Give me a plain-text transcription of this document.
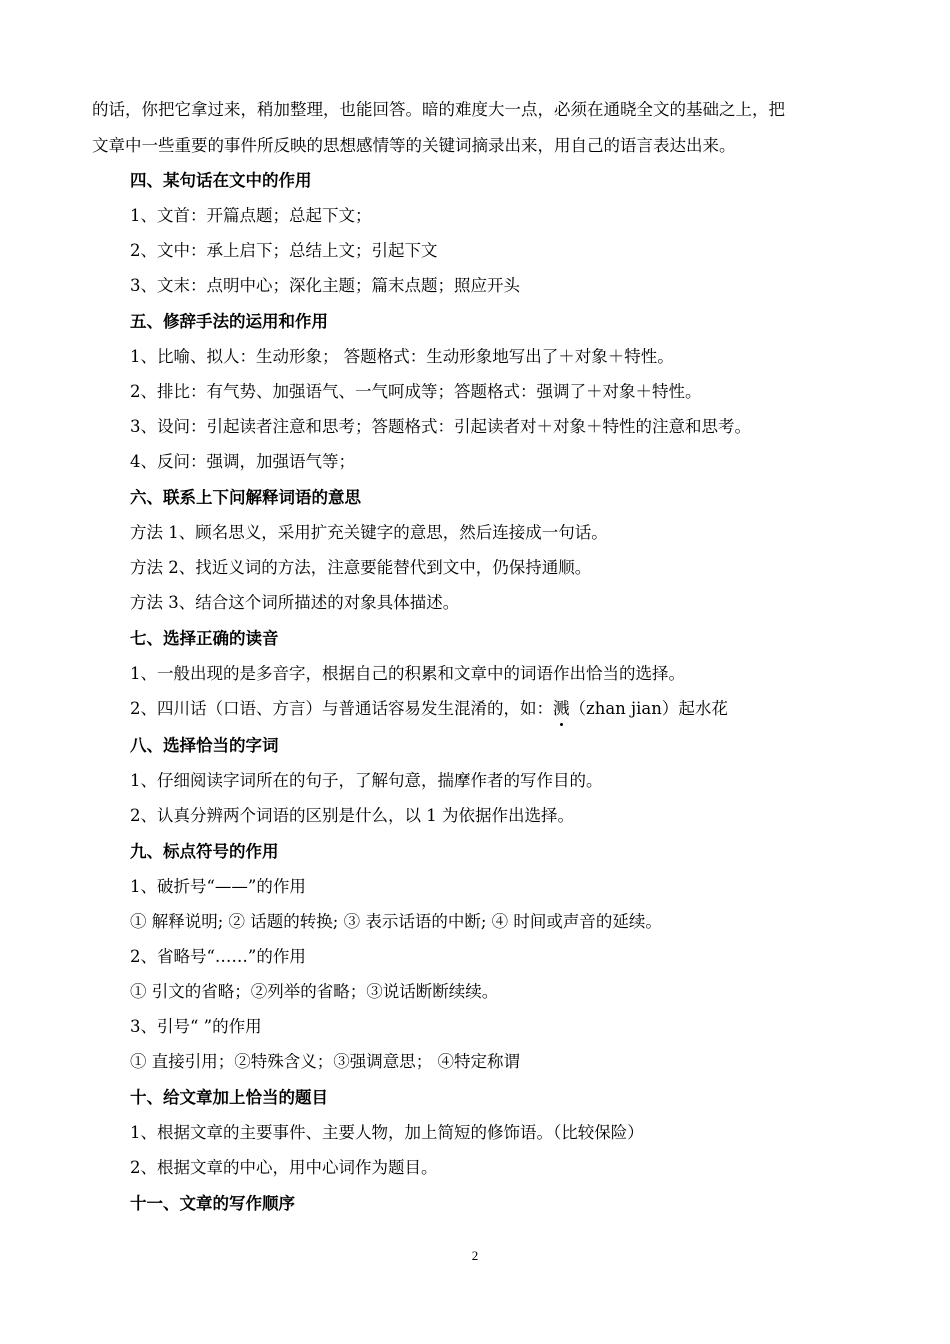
的话，你把它拿过来，稍加整理，也能回答。暗的难度大一点，必须在通晓全文的基础之上，把
文章中一些重要的事件所反映的思想感情等的关键词摘录出来，用自己的语言表达出来。
四、某句话在文中的作用
1、文首：开篇点题；总起下文；
2、文中：承上启下；总结上文；引起下文
3、文末：点明中心；深化主题；篇末点题；照应开头
五、修辞手法的运用和作用
1、比喻、拟人：生动形象； 答题格式：生动形象地写出了＋对象＋特性。
2、排比：有气势、加强语气、一气呵成等；答题格式：强调了＋对象＋特性。
3、设问：引起读者注意和思考；答题格式：引起读者对＋对象＋特性的注意和思考。
4、反问：强调，加强语气等；
六、联系上下问解释词语的意思
方法 1、顾名思义，采用扩充关键字的意思，然后连接成一句话。
方法 2、找近义词的方法，注意要能替代到文中，仍保持通顺。
方法 3、结合这个词所描述的对象具体描述。
七、选择正确的读音
1、一般出现的是多音字，根据自己的积累和文章中的词语作出恰当的选择。
2、四川话（口语、方言）与普通话容易发生混淆的，如：溅（zhan jian）起水花
八、选择恰当的字词
1、仔细阅读字词所在的句子，了解句意，揣摩作者的写作目的。
2、认真分辨两个词语的区别是什么，以 1 为依据作出选择。
九、标点符号的作用
1、破折号“——”的作用
① 解释说明; ② 话题的转换; ③ 表示话语的中断; ④ 时间或声音的延续。
2、省略号“……”的作用
① 引文的省略；②列举的省略；③说话断断续续。
3、引号“ ”的作用
① 直接引用；②特殊含义；③强调意思； ④特定称谓
十、给文章加上恰当的题目
1、根据文章的主要事件、主要人物，加上简短的修饰语。（比较保险）
2、根据文章的中心，用中心词作为题目。
十一、文章的写作顺序
2
